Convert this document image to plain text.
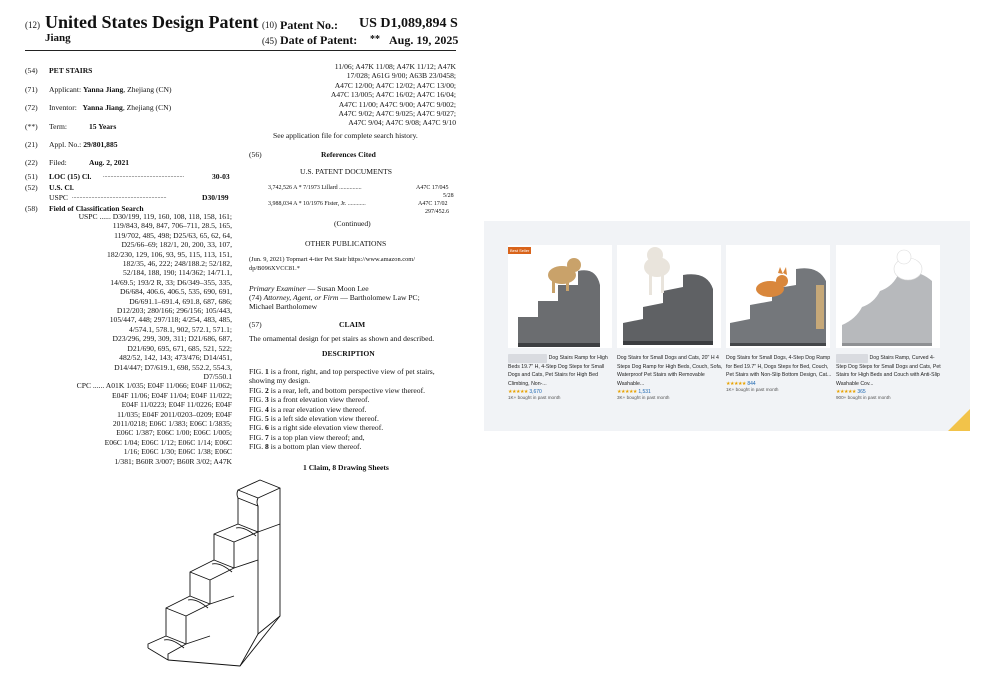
(12) United States Design Patent
Jiang
(10) Patent No.: US D1,089,894 S
(45) Date of Patent: ** Aug. 19, 2025
(54) PET STAIRS
(71) Applicant: Yanna Jiang, Zhejiang (CN)
(72) Inventor: Yanna Jiang, Zhejiang (CN)
(**) Term:	15 Years
(21) Appl. No.: 29/801,885
(22) Filed:	Aug. 2, 2021
(51) LOC (15) Cl. ......................................................	30-03
(52) U.S. Cl.
USPC ...............................................................	D30/199
(58) Field of Classification Search
USPC ...... D30/199, 119, 160, 108, 118, 158, 161;
119/843, 849, 847, 706–711, 28.5, 165,
119/702, 485, 498; D25/63, 65, 62, 64,
D25/66–69; 182/1, 20, 200, 33, 107,
182/230, 129, 106, 93, 95, 115, 113, 151,
182/35, 46, 222; 248/188.2; 52/182,
52/184, 188, 190; 114/362; 14/71.1,
14/69.5; 193/2 R, 33; D6/349–355, 335,
D6/684, 406.6, 406.5, 535, 690, 691,
D6/691.1–691.4, 691.8, 687, 686;
D12/203; 280/166; 296/156; 105/443,
105/447, 448; 297/118; 4/254, 483, 485,
4/574.1, 578.1, 902, 572.1, 571.1;
D23/296, 299, 309, 311; D21/686, 687,
D21/690, 695, 671, 685, 521, 522;
482/52, 142, 143; 473/476; D14/451,
D14/447; D7/619.1, 698, 552.2, 554.3,
D7/550.1
CPC ...... A01K 1/035; E04F 11/066; E04F 11/062;
E04F 11/06; E04F 11/04; E04F 11/022;
E04F 11/0223; E04F 11/0226; E04F
11/035; E04F 2011/0203–0209; E04F
2011/0218; E06C 1/383; E06C 1/3835;
E06C 1/387; E06C 1/00; E06C 1/005;
E06C 1/04; E06C 1/12; E06C 1/14; E06C
1/16; E06C 1/30; E06C 1/38; E06C
1/381; B60R 3/007; B60R 3/02; A47K
11/06; A47K 11/08; A47K 11/12; A47K
17/028; A61G 9/00; A63B 23/0458;
A47C 12/00; A47C 12/02; A47C 13/00;
A47C 13/005; A47C 16/02; A47C 16/04;
A47C 11/00; A47C 9/00; A47C 9/002;
A47C 9/02; A47C 9/025; A47C 9/027;
A47C 9/04; A47C 9/08; A47C 9/10
See application file for complete search history.
(56)	References Cited
U.S. PATENT DOCUMENTS
3,742,526 A * 7/1973 Lillard ...............	A47C 17/045
5/28
3,988,034 A * 10/1976 Fister, Jr. ............	A47C 17/02
297/452.6
(Continued)
OTHER PUBLICATIONS
(Jun. 9, 2021) Topmart 4-tier Pet Stair https://www.amazon.com/
dp/B096XVCC81.*
Primary Examiner — Susan Moon Lee
(74) Attorney, Agent, or Firm — Bartholomew Law PC;
Michael Bartholomew
(57)	CLAIM
The ornamental design for pet stairs as shown and described.
DESCRIPTION
FIG. 1 is a front, right, and top perspective view of pet stairs,
showing my design.
FIG. 2 is a rear, left, and bottom perspective view thereof.
FIG. 3 is a front elevation view thereof.
FIG. 4 is a rear elevation view thereof.
FIG. 5 is a left side elevation view thereof.
FIG. 6 is a right side elevation view thereof.
FIG. 7 is a top plan view thereof; and,
FIG. 8 is a bottom plan view thereof.
1 Claim, 8 Drawing Sheets
Best Seller
Dog Stairs Ramp for High Beds 19.7" H, 4-Step Dog Steps for Small Dogs and Cats, Pet Stairs for High Bed Climbing, Non-...
★★★★★ 3,670
1K+ bought in past month
Dog Stairs for Small Dogs and Cats, 20" H 4 Steps Dog Ramp for High Beds, Couch, Sofa, Waterproof Pet Stairs with Removable Washable...
★★★★★ 1,531
3K+ bought in past month
Dog Stairs for Small Dogs, 4-Step Dog Ramp for Bed 19.7" H, Dogs Steps for Bed, Couch, Pet Stairs with Non-Slip Bottom Design, Cat...
★★★★★ 844
1K+ bought in past month
Dog Stairs Ramp, Curved 4-Step Dog Steps for Small Dogs and Cats, Pet Stairs for High Beds and Couch with Anti-Slip Washable Cov...
★★★★★ 365
900+ bought in past month
